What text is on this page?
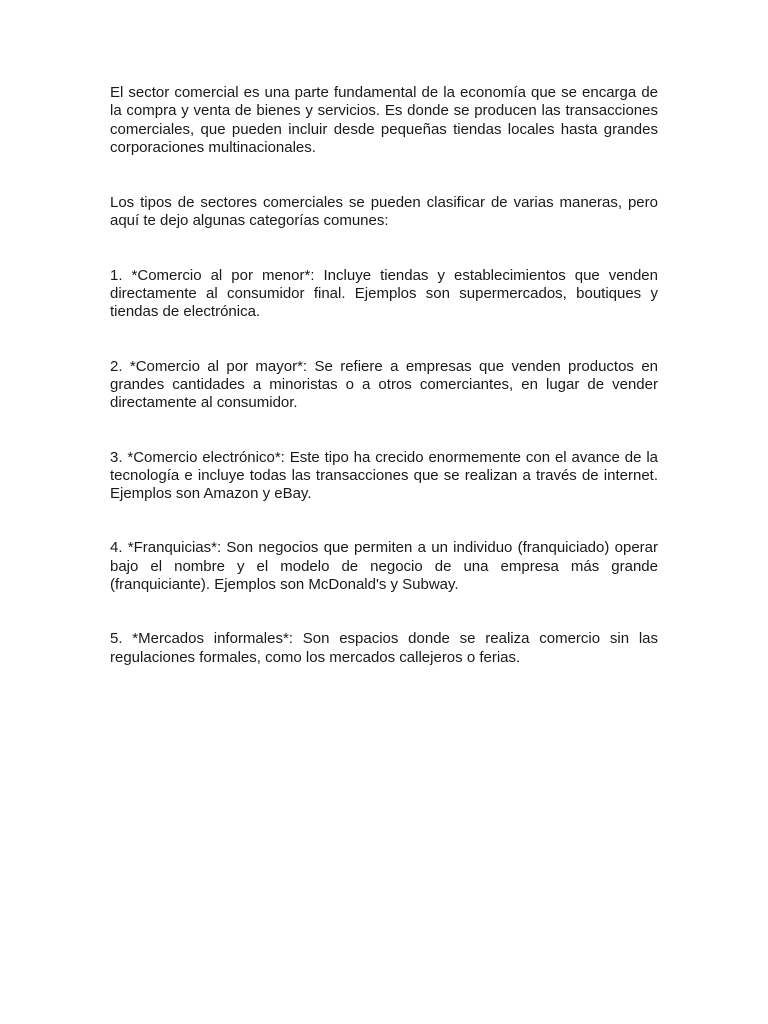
El sector comercial es una parte fundamental de la economía que se encarga de la compra y venta de bienes y servicios. Es donde se producen las transacciones comerciales, que pueden incluir desde pequeñas tiendas locales hasta grandes corporaciones multinacionales.

Los tipos de sectores comerciales se pueden clasificar de varias maneras, pero aquí te dejo algunas categorías comunes:

1. *Comercio al por menor*: Incluye tiendas y establecimientos que venden directamente al consumidor final. Ejemplos son supermercados, boutiques y tiendas de electrónica.

2. *Comercio al por mayor*: Se refiere a empresas que venden productos en grandes cantidades a minoristas o a otros comerciantes, en lugar de vender directamente al consumidor.

3. *Comercio electrónico*: Este tipo ha crecido enormemente con el avance de la tecnología e incluye todas las transacciones que se realizan a través de internet. Ejemplos son Amazon y eBay.

4. *Franquicias*: Son negocios que permiten a un individuo (franquiciado) operar bajo el nombre y el modelo de negocio de una empresa más grande (franquiciante). Ejemplos son McDonald's y Subway.

5. *Mercados informales*: Son espacios donde se realiza comercio sin las regulaciones formales, como los mercados callejeros o ferias.
